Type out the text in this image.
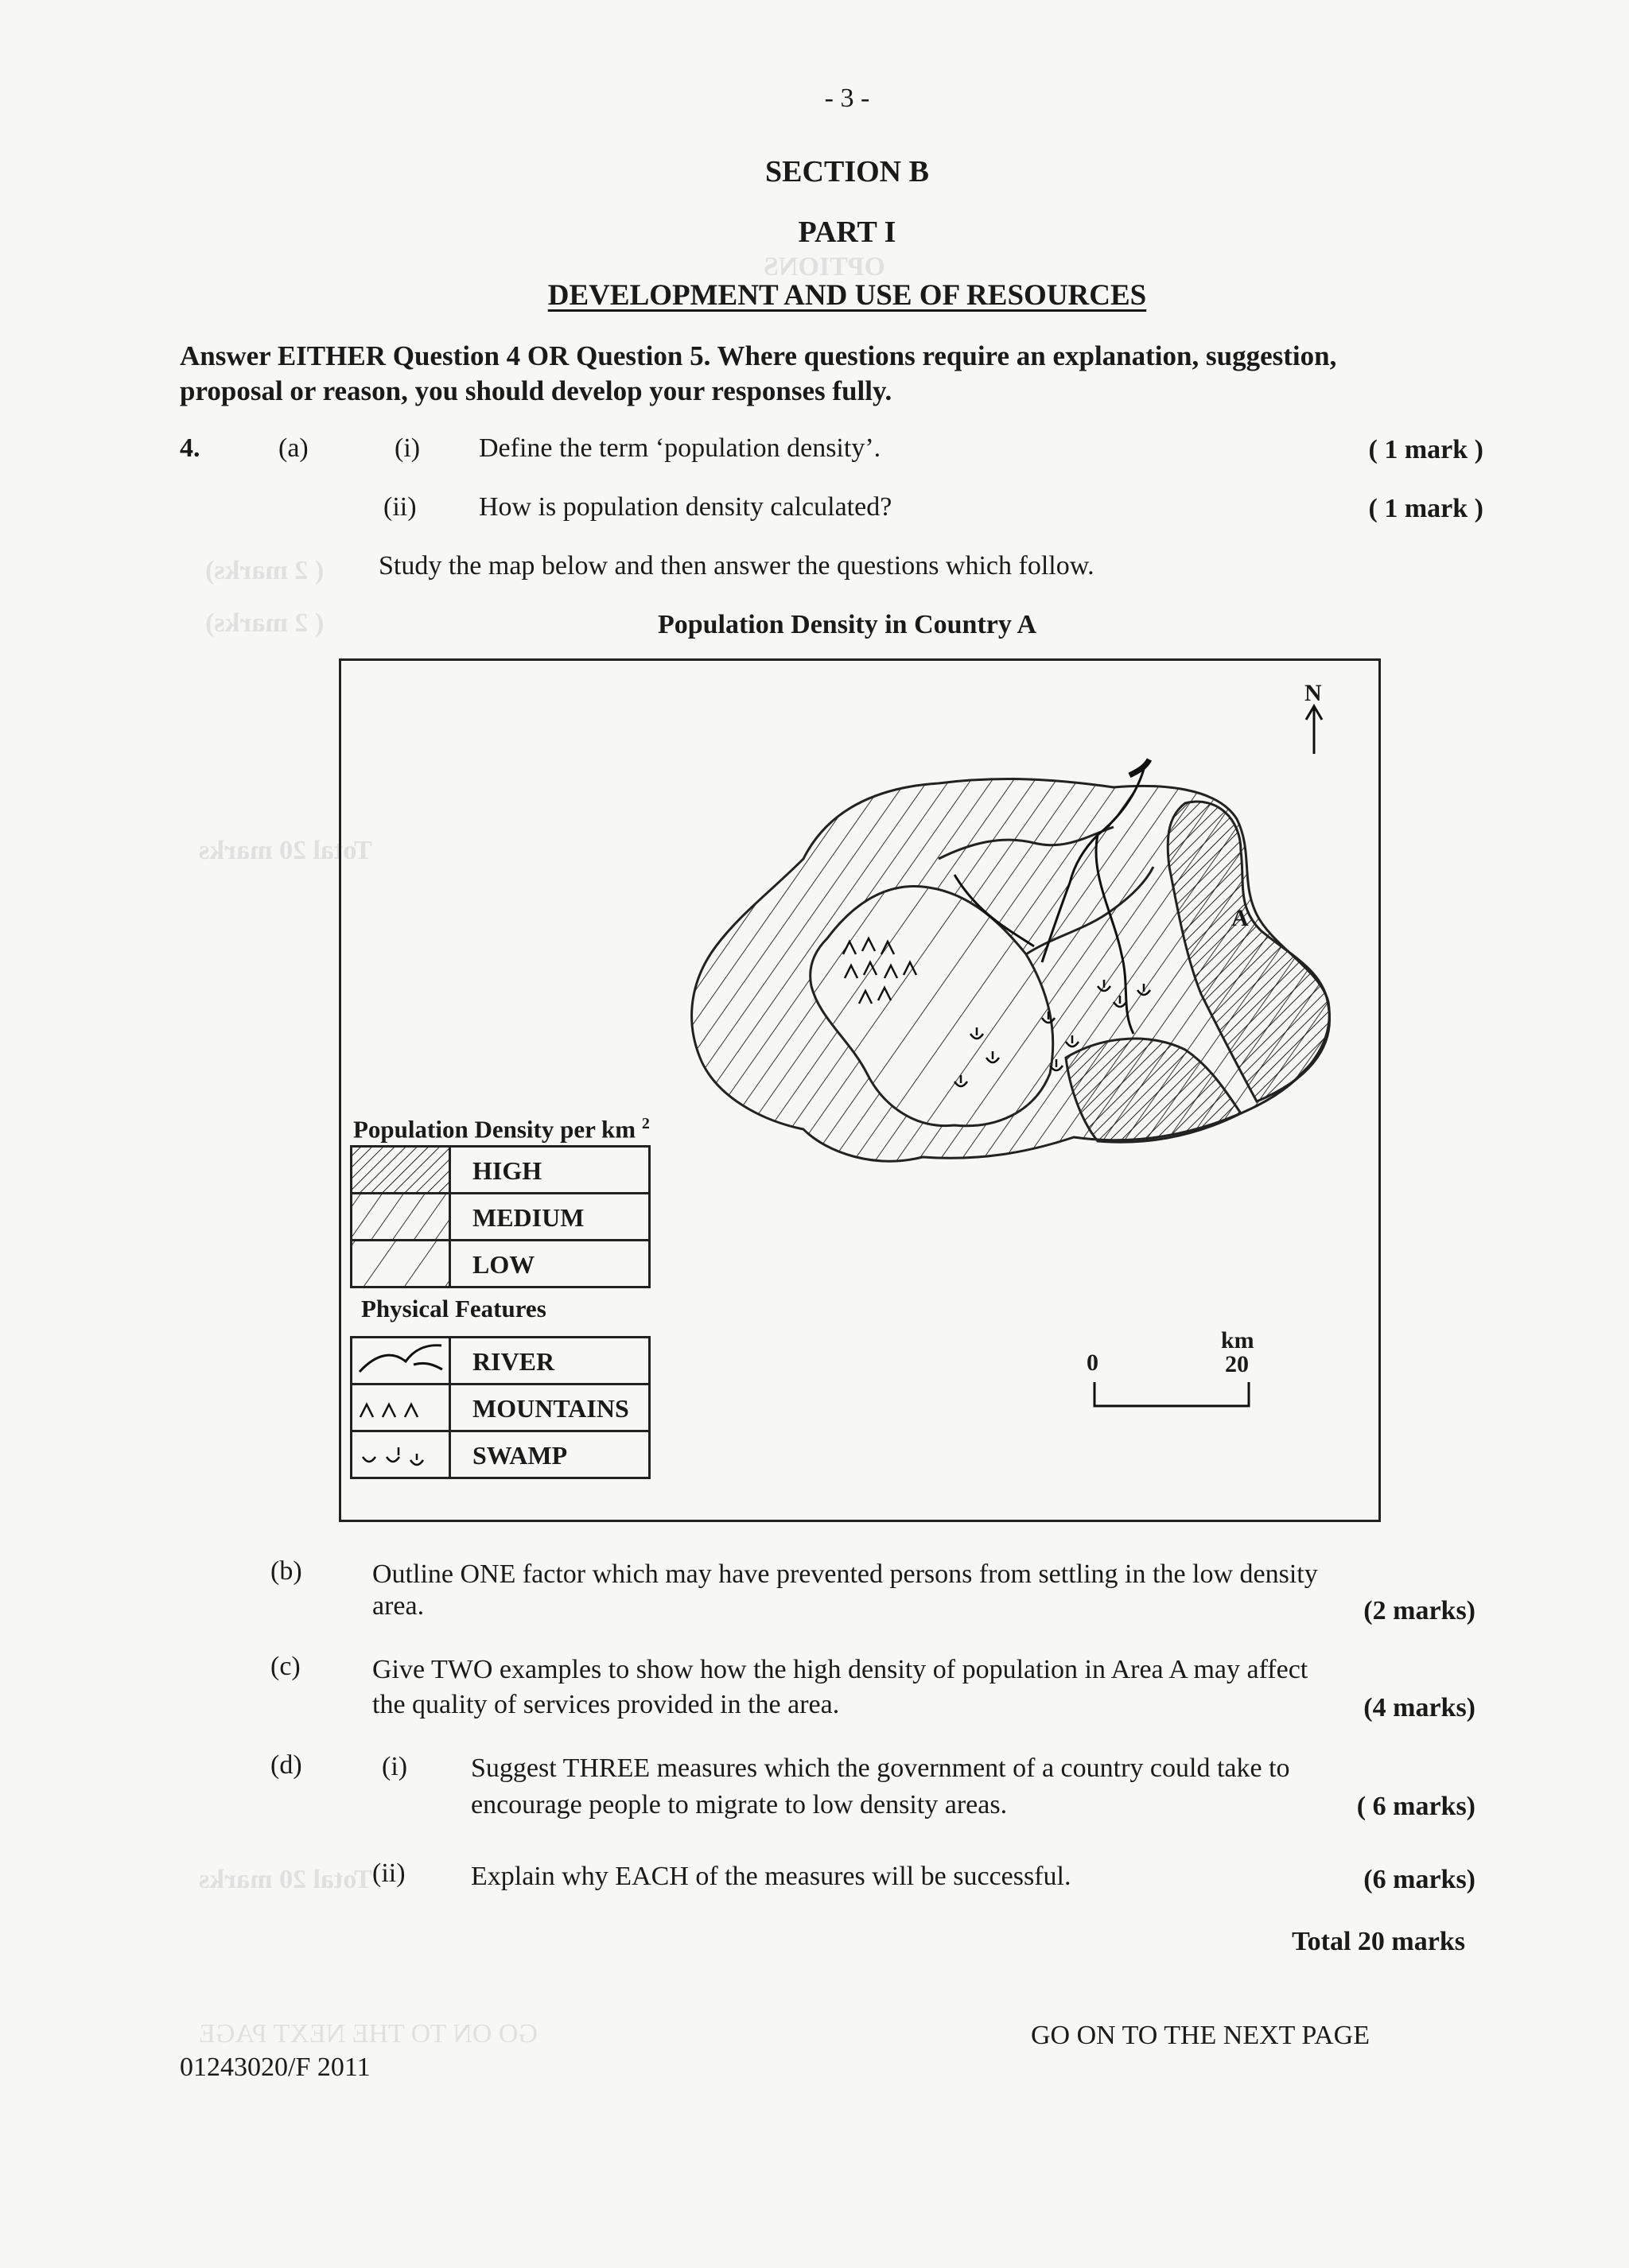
OPTIONS
Total 20 marks
Total 20 marks
( 2 marks)
( 2 marks)
GO ON TO THE NEXT PAGE
- 3 -
SECTION B
PART I
DEVELOPMENT AND USE OF RESOURCES
Answer EITHER Question 4 OR Question 5. Where questions require an explanation, suggestion,
proposal or reason, you should develop your responses fully.
4.	(a)	(i) Define the term ‘population density’.	( 1 mark )
(ii) How is population density calculated?	( 1 mark )
Study the map below and then answer the questions which follow.
Population Density in Country A
A
N
km
0	20
Population Density per km $^2$
Physical Features
HIGH
MEDIUM
LOW
RIVER
MOUNTAINS
SWAMP
(b)	Outline ONE factor which may have prevented persons from settling in the low density
area.	(2 marks)
(c)	Give TWO examples to show how the high density of population in Area A may affect
the quality of services provided in the area.	(4 marks)
(d)	(i) Suggest THREE measures which the government of a country could take to
encourage people to migrate to low density areas.	( 6 marks)
(ii) Explain why EACH of the measures will be successful.	(6 marks)
Total 20 marks
GO ON TO THE NEXT PAGE
01243020/F 2011
